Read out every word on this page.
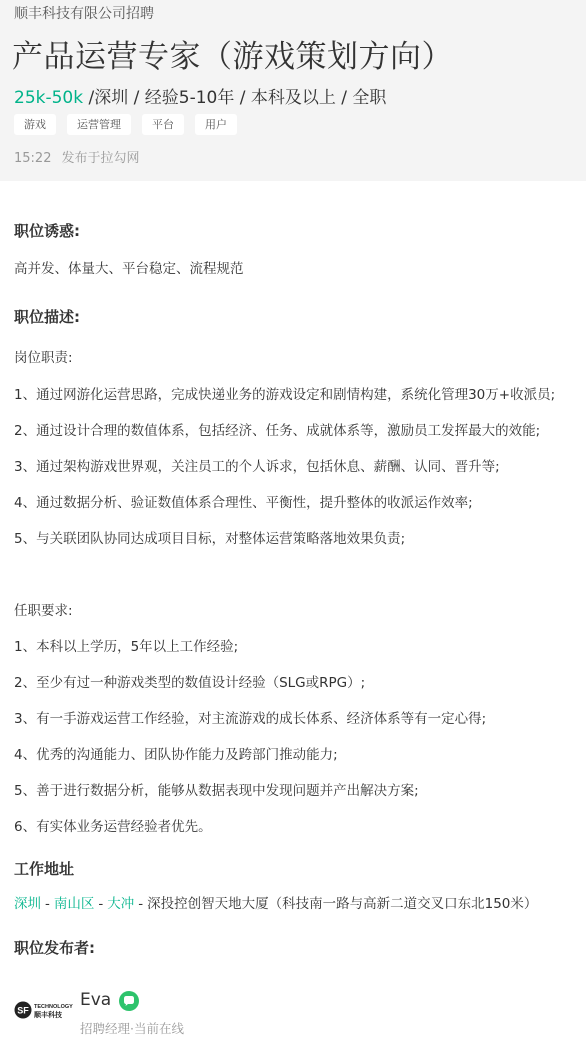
顺丰科技有限公司招聘
产品运营专家（游戏策划方向）
25k-50k /深圳 / 经验5-10年 / 本科及以上 / 全职
游戏	运营管理	平台	用户
15:22 发布于拉勾网
职位诱惑:
高并发、体量大、平台稳定、流程规范
职位描述:
岗位职责:
1、通过网游化运营思路，完成快递业务的游戏设定和剧情构建，系统化管理30万+收派员;
2、通过设计合理的数值体系，包括经济、任务、成就体系等，激励员工发挥最大的效能;
3、通过架构游戏世界观，关注员工的个人诉求，包括休息、薪酬、认同、晋升等;
4、通过数据分析、验证数值体系合理性、平衡性，提升整体的收派运作效率;
5、与关联团队协同达成项目目标，对整体运营策略落地效果负责;
任职要求:
1、本科以上学历，5年以上工作经验;
2、至少有过一种游戏类型的数值设计经验（SLG或RPG）;
3、有一手游戏运营工作经验，对主流游戏的成长体系、经济体系等有一定心得;
4、优秀的沟通能力、团队协作能力及跨部门推动能力;
5、善于进行数据分析，能够从数据表现中发现问题并产出解决方案;
6、有实体业务运营经验者优先。
工作地址
深圳 - 南山区 - 大冲 - 深投控创智天地大厦（科技南一路与高新二道交叉口东北150米）
职位发布者:
SF TECHNOLOGY
顺丰科技
Eva
招聘经理·当前在线
